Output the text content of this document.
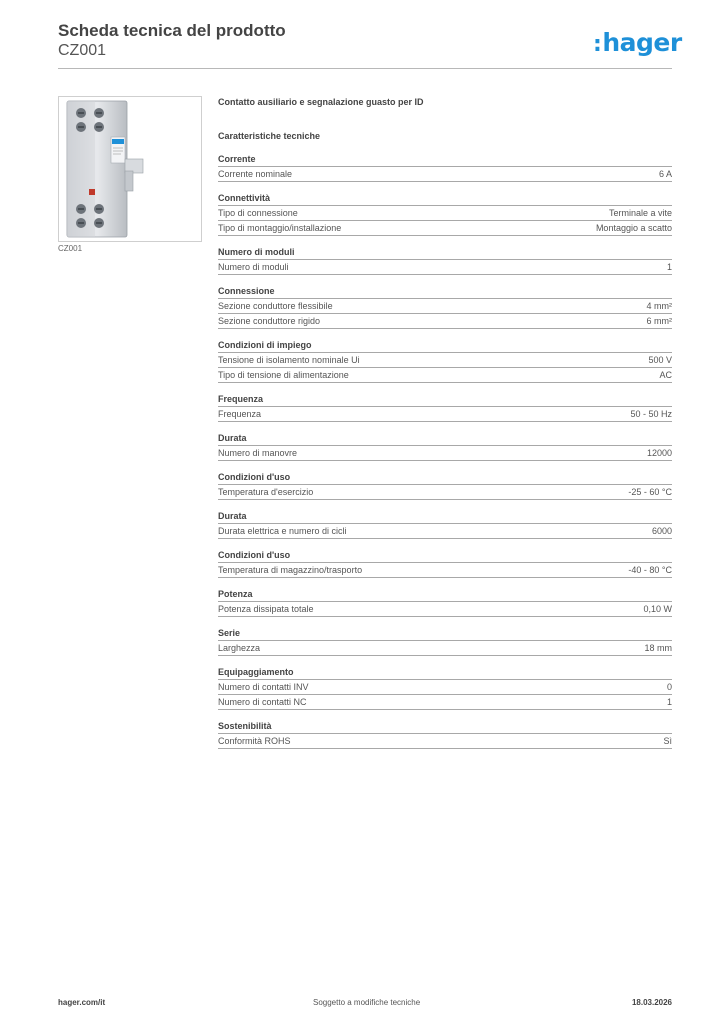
Scheda tecnica del prodotto
CZ001	:hager
CZ001
Contatto ausiliario e segnalazione guasto per ID
Caratteristiche tecniche
Corrente
Corrente nominale	6 A
Connettività
Tipo di connessione	Terminale a vite
Tipo di montaggio/installazione	Montaggio a scatto
Numero di moduli
Numero di moduli	1
Connessione
Sezione conduttore flessibile	4 mm²
Sezione conduttore rigido	6 mm²
Condizioni di impiego
Tensione di isolamento nominale Ui	500 V
Tipo di tensione di alimentazione	AC
Frequenza
Frequenza	50 - 50 Hz
Durata
Numero di manovre	12000
Condizioni d'uso
Temperatura d'esercizio	-25 - 60 °C
Durata
Durata elettrica e numero di cicli	6000
Condizioni d'uso
Temperatura di magazzino/trasporto	-40 - 80 °C
Potenza
Potenza dissipata totale	0,10 W
Serie
Larghezza	18 mm
Equipaggiamento
Numero di contatti INV	0
Numero di contatti NC	1
Sostenibilità
Conformità ROHS	Sì
hager.com/it	Soggetto a modifiche tecniche	18.03.2026
